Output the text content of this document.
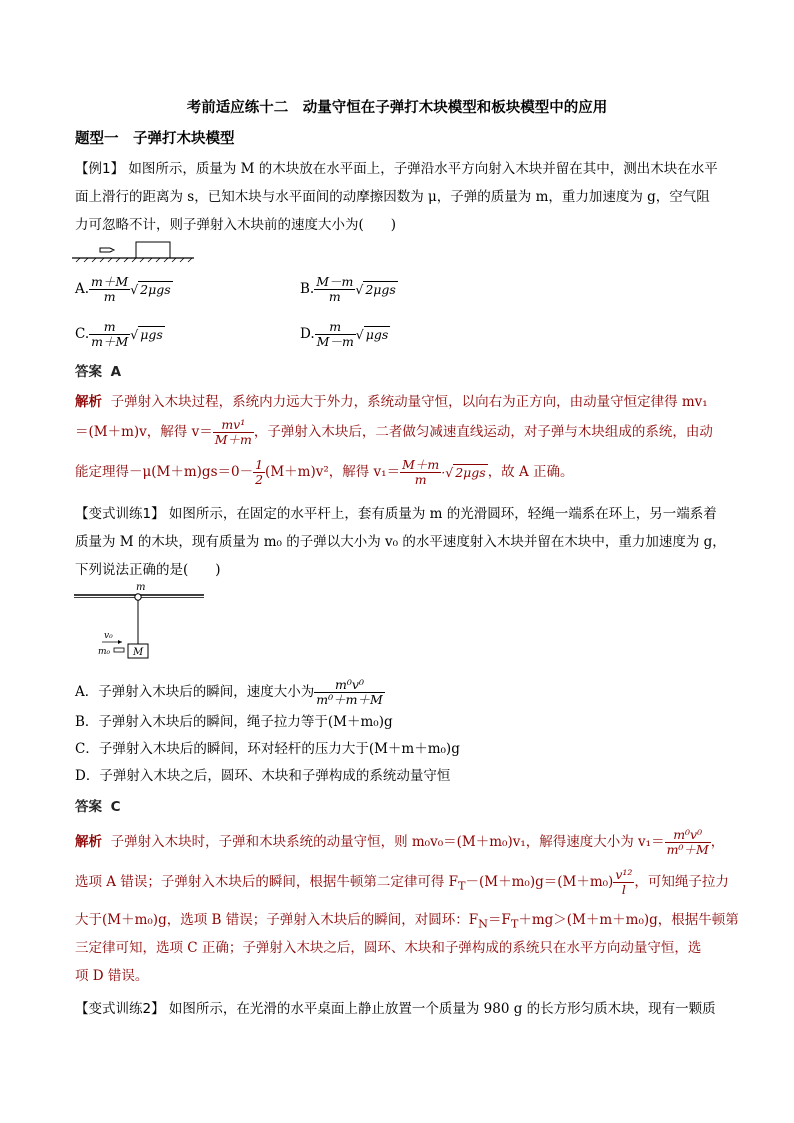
考前适应练十二　动量守恒在子弹打木块模型和板块模型中的应用
题型一　子弹打木块模型
【例1】 如图所示，质量为 M 的木块放在水平面上，子弹沿水平方向射入木块并留在其中，测出木块在水平
面上滑行的距离为 s，已知木块与水平面间的动摩擦因数为 μ，子弹的质量为 m，重力加速度为 g，空气阻
力可忽略不计，则子弹射入木块前的速度大小为(　　)
A. $\frac{m+M}{m}$ √ 2μgs	B. $\frac{M-m}{m}$ √ 2μgs
C. $\frac{m}{m+M}$ √ μgs	D. $\frac{m}{M-m}$ √ μgs
答案 A
解析 子弹射入木块过程，系统内力远大于外力，系统动量守恒，以向右为正方向，由动量守恒定律得 mv₁
＝(M＋m)v，解得 $v= \frac{\text{mv¹}}{M+m}$ ，子弹射入木块后，二者做匀减速直线运动，对子弹与木块组成的系统，由动
能定理得$-\mu(M+m)gs=0- \frac{1}{2} (M+m)v^2$，解得 $v_1= \frac{M+m}{m}$ ·√ 2μgs ，故 A 正确。
【变式训练1】 如图所示，在固定的水平杆上，套有质量为 m 的光滑圆环，轻绳一端系在环上，另一端系着
质量为 M 的木块，现有质量为 m₀ 的子弹以大小为 v₀ 的水平速度射入木块并留在木块中，重力加速度为 g，
下列说法正确的是(　　)
m
M
v₀
m₀
A．子弹射入木块后的瞬间，速度大小为 $\frac{\text{m⁰v⁰}}{\text{m⁰＋m＋M}}$
B．子弹射入木块后的瞬间，绳子拉力等于(M＋m₀)g
C．子弹射入木块后的瞬间，环对轻杆的压力大于(M＋m＋m₀)g
D．子弹射入木块之后，圆环、木块和子弹构成的系统动量守恒
答案 C
解析 子弹射入木块时，子弹和木块系统的动量守恒，则 m₀v₀＝(M＋m₀)v₁，解得速度大小为 $v_1= \frac{\text{m⁰v⁰}}{\text{m⁰＋M}}$ ，
选项 A 错误；子弹射入木块后的瞬间，根据牛顿第二定律可得 $F_T-(M+m_0)g=(M+m_0) \frac{\text{v¹²}}{l}$ ，可知绳子拉力
大于(M＋m₀)g，选项 B 错误；子弹射入木块后的瞬间，对圆环：$F_N=F_T+mg>(M+m+m_0)g$，根据牛顿第
三定律可知，选项 C 正确；子弹射入木块之后，圆环、木块和子弹构成的系统只在水平方向动量守恒，选
项 D 错误。
【变式训练2】 如图所示，在光滑的水平桌面上静止放置一个质量为 980 g 的长方形匀质木块，现有一颗质
